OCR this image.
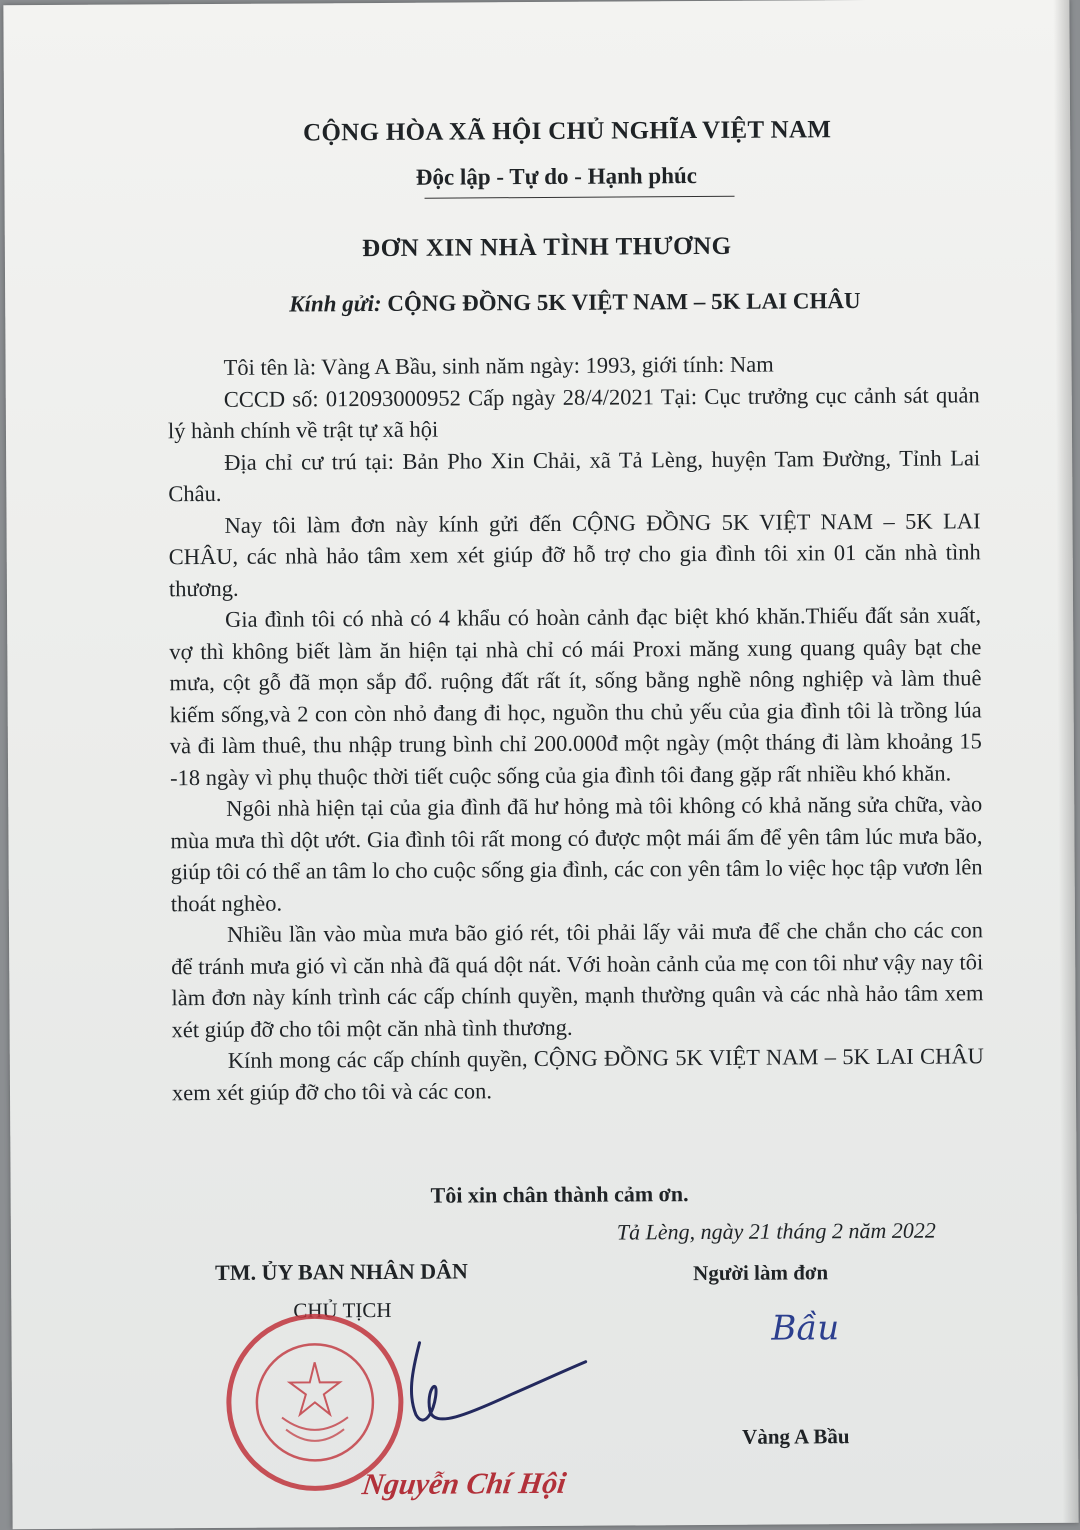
CỘNG HÒA XÃ HỘI CHỦ NGHĨA VIỆT NAM
Độc lập - Tự do - Hạnh phúc
ĐƠN XIN NHÀ TÌNH THƯƠNG
Kính gửi: CỘNG ĐỒNG 5K VIỆT NAM – 5K LAI CHÂU

Tôi tên là: Vàng A Bầu, sinh năm ngày: 1993, giới tính: Nam

CCCD số: 012093000952 Cấp ngày 28/4/2021 Tại: Cục trưởng cục cảnh sát quản lý hành chính về trật tự xã hội

Địa chỉ cư trú tại: Bản Pho Xin Chải, xã Tả Lèng, huyện Tam Đường, Tỉnh Lai Châu.

Nay tôi làm đơn này kính gửi đến CỘNG ĐỒNG 5K VIỆT NAM – 5K LAI CHÂU, các nhà hảo tâm xem xét giúp đỡ hỗ trợ cho gia đình tôi xin 01 căn nhà tình thương.

Gia đình tôi có nhà có 4 khẩu có hoàn cảnh đạc biệt khó khăn.Thiếu đất sản xuất, vợ thì không biết làm ăn hiện tại nhà chỉ có mái Proxi măng xung quang quây bạt che mưa, cột gỗ đã mọn sắp đổ. ruộng đất rất ít, sống bằng nghề nông nghiệp và làm thuê kiếm sống,và 2 con còn nhỏ đang đi học, nguồn thu chủ yếu của gia đình tôi là trồng lúa và đi làm thuê, thu nhập trung bình chỉ 200.000đ một ngày (một tháng đi làm khoảng 15 -18 ngày vì phụ thuộc thời tiết cuộc sống của gia đình tôi đang gặp rất nhiều khó khăn.

Ngôi nhà hiện tại của gia đình đã hư hỏng mà tôi không có khả năng sửa chữa, vào mùa mưa thì dột ướt. Gia đình tôi rất mong có được một mái ấm để yên tâm lúc mưa bão, giúp tôi có thể an tâm lo cho cuộc sống gia đình, các con yên tâm lo việc học tập vươn lên thoát nghèo.

Nhiều lần vào mùa mưa bão gió rét, tôi phải lấy vải mưa để che chắn cho các con để tránh mưa gió vì căn nhà đã quá dột nát. Với hoàn cảnh của mẹ con tôi như vậy nay tôi làm đơn này kính trình các cấp chính quyền, mạnh thường quân và các nhà hảo tâm xem xét giúp đỡ cho tôi một căn nhà tình thương.

Kính mong các cấp chính quyền, CỘNG ĐỒNG 5K VIỆT NAM – 5K LAI CHÂU xem xét giúp đỡ cho tôi và các con.

Tôi xin chân thành cảm ơn.
Tả Lèng, ngày 21 tháng 2 năm 2022
TM. ỦY BAN NHÂN DÂN
CHỦ TỊCH
Nguyễn Chí Hội
Người làm đơn
Bầu
Vàng A Bầu
